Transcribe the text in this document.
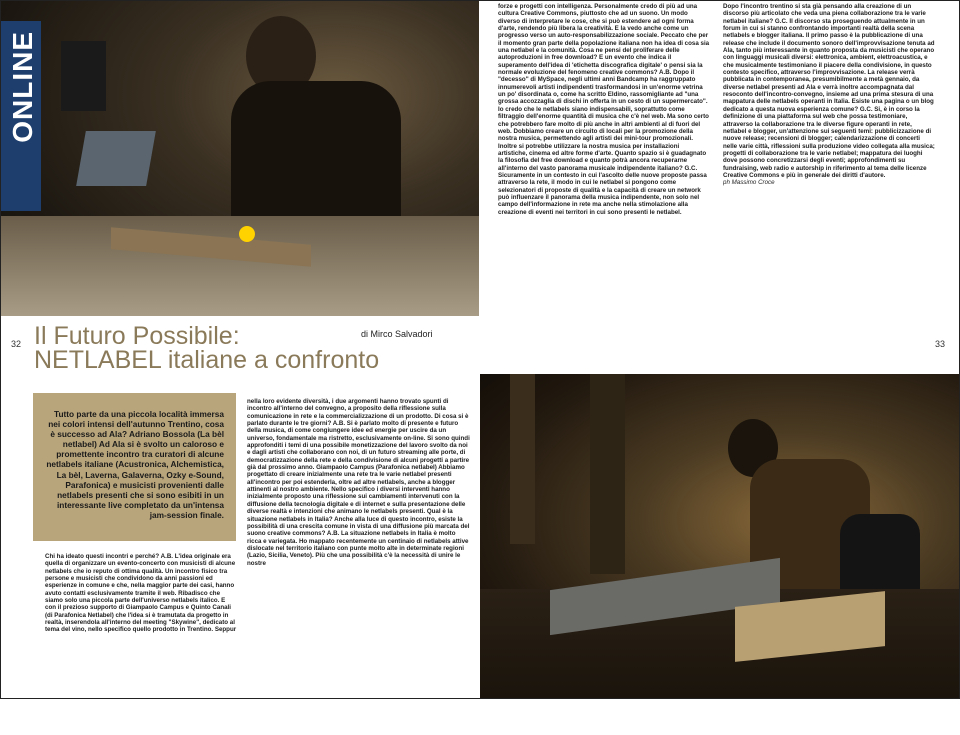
ONLINE

forze e progetti con intelligenza. Personalmente credo di più ad una cultura Creative Commons, piuttosto che ad un suono. Un modo diverso di interpretare le cose, che si può estendere ad ogni forma d'arte, rendendo più libera la creatività. E la vedo anche come un progresso verso un auto-responsabilizzazione sociale. Peccato che per il momento gran parte della popolazione italiana non ha idea di cosa sia una netlabel e la comunità. Cosa ne pensi del proliferare delle autoproduzioni in free download? E un evento che indica il superamento dell'idea di 'etichetta discografica digitale' o pensi sia la normale evoluzione del fenomeno creative commons? A.B. Dopo il "decesso" di MySpace, negli ultimi anni Bandcamp ha raggruppato innumerevoli artisti indipendenti trasformandosi in un'enorme vetrina un po' disordinata o, come ha scritto Eldino, rassomigliante ad "una grossa accozzaglia di dischi in offerta in un cesto di un supermercato". Io credo che le netlabels siano indispensabili, soprattutto come filtraggio dell'enorme quantità di musica che c'è nel web. Ma sono certo che potrebbero fare molto di più anche in altri ambienti al di fuori del web. Dobbiamo creare un circuito di locali per la promozione della nostra musica, permettendo agli artisti dei mini-tour promozionali. Inoltre si potrebbe utilizzare la nostra musica per installazioni artistiche, cinema ed altre forme d'arte. Quanto spazio si è guadagnato la filosofia del free download e quanto potrà ancora recuperarne all'interno del vasto panorama musicale indipendente italiano? G.C. Sicuramente in un contesto in cui l'ascolto delle nuove proposte passa attraverso la rete, il modo in cui le netlabel si pongono come selezionatori di proposte di qualità e la capacità di creare un network può influenzare il panorama della musica indipendente, non solo nel campo dell'informazione in rete ma anche nella stimolazione alla creazione di eventi nei territori in cui sono presenti le netlabel.

Dopo l'incontro trentino si sta già pensando alla creazione di un discorso più articolato che veda una piena collaborazione tra le varie netlabel italiane? G.C. Il discorso sta proseguendo attualmente in un forum in cui si stanno confrontando importanti realtà della scena netlabels e blogger italiana. Il primo passo è la pubblicazione di una release che include il documento sonoro dell'improvvisazione tenuta ad Ala, tanto più interessante in quanto proposta da musicisti che operano con linguaggi musicali diversi: elettronica, ambient, elettroacustica, e che musicalmente testimoniano il piacere della condivisione, in questo contesto specifico, attraverso l'improvvisazione. La release verrà pubblicata in contemporanea, presumibilmente a metà gennaio, da diverse netlabel presenti ad Ala e verrà inoltre accompagnata dal resoconto dell'incontro-convegno, insieme ad una prima stesura di una mappatura delle netlabels operanti in Italia. Esiste una pagina o un blog dedicato a questa nuova esperienza comune? G.C. Si, è in corso la definizione di una piattaforma sul web che possa testimoniare, attraverso la collaborazione tra le diverse figure operanti in rete, netlabel e blogger, un'attenzione sui seguenti temi: pubblicizzazione di nuove release; recensioni di blogger; calendarizzazione di concerti nelle varie città, riflessioni sulla produzione video collegata alla musica; progetti di collaborazione tra le varie netlabel; mappatura dei luoghi dove possono concretizzarsi degli eventi; approfondimenti su fundraising, web radio e autorship in riferimento al tema delle licenze Creative Commons e più in generale dei diritti d'autore.

ph Massimo Croce

32	33
Il Futuro Possibile:
NETLABEL italiane a confronto
di Mirco Salvadori

Tutto parte da una piccola località immersa nei colori intensi dell'autunno Trentino, cosa è successo ad Ala? Adriano Bossola (La bèl netlabel) Ad Ala si è svolto un caloroso e promettente incontro tra curatori di alcune netlabels italiane (Acustronica, Alchemistica, La bèl, Laverna, Galaverna, Ozky e-Sound, Parafonica) e musicisti provenienti dalle netlabels presenti che si sono esibiti in un interessante live completato da un'intensa jam-session finale.

Chi ha ideato questi incontri e perché? A.B. L'idea originale era quella di organizzare un evento-concerto con musicisti di alcune netlabels che io reputo di ottima qualità. Un incontro fisico tra persone e musicisti che condividono da anni passioni ed esperienze in comune e che, nella maggior parte dei casi, hanno avuto contatti esclusivamente tramite il web. Ribadisco che siamo solo una piccola parte dell'universo netlabels italico. E con il prezioso supporto di Giampaolo Campus e Quinto Canali (di Parafonica Netlabel) che l'idea si è tramutata da progetto in realtà, inserendola all'interno del meeting "Skywine", dedicato al tema del vino, nello specifico quello prodotto in Trentino. Seppur

nella loro evidente diversità, i due argomenti hanno trovato spunti di incontro all'interno del convegno, a proposito della riflessione sulla comunicazione in rete e la commercializzazione di un prodotto. Di cosa si è parlato durante le tre giorni? A.B. Si è parlato molto di presente e futuro della musica, di come congiungere idee ed energie per uscire da un universo, fondamentale ma ristretto, esclusivamente on-line. Si sono quindi approfonditi i temi di una possibile monetizzazione del lavoro svolto da noi e dagli artisti che collaborano con noi, di un futuro streaming alle porte, di democratizzazione della rete e della condivisione di alcuni progetti a partire già dal prossimo anno. Giampaolo Campus (Parafonica netlabel) Abbiamo progettato di creare inizialmente una rete tra le varie netlabel presenti all'incontro per poi estenderla, oltre ad altre netlabels, anche a blogger attinenti al nostro ambiente. Nello specifico i diversi interventi hanno inizialmente proposto una riflessione sui cambiamenti intervenuti con la diffusione della tecnologia digitale e di internet e sulla presentazione delle diverse realtà e intenzioni che animano le netlabels presenti. Qual è la situazione netlabels in Italia? Anche alla luce di questo incontro, esiste la possibilità di una crescita comune in vista di una diffusione più marcata del suono creative commons? A.B. La situazione netlabels in Italia è molto ricca e variegata. Ho mappato recentemente un centinaio di netlabels attive dislocate nel territorio italiano con punte molto alte in determinate regioni (Lazio, Sicilia, Veneto). Più che una possibilità c'è la necessità di unire le nostre
